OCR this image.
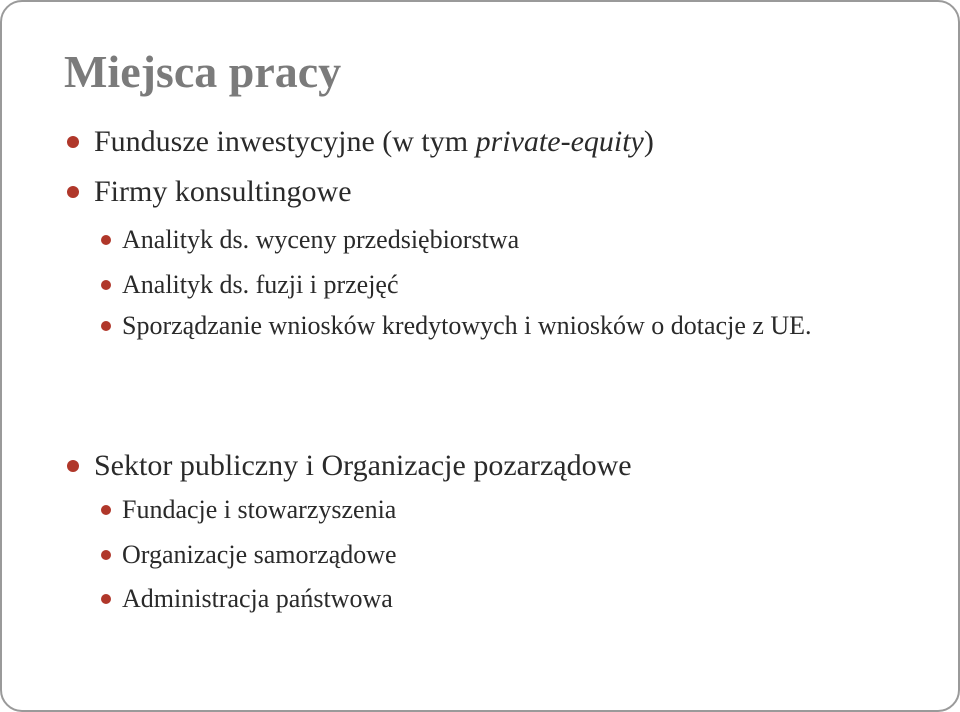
Miejsca pracy
Fundusze inwestycyjne (w tym private-equity)
Firmy konsultingowe
Analityk ds. wyceny przedsiębiorstwa
Analityk ds. fuzji i przejęć
Sporządzanie wniosków kredytowych i wniosków o dotacje z UE.
Sektor publiczny i Organizacje pozarządowe
Fundacje i stowarzyszenia
Organizacje samorządowe
Administracja państwowa
